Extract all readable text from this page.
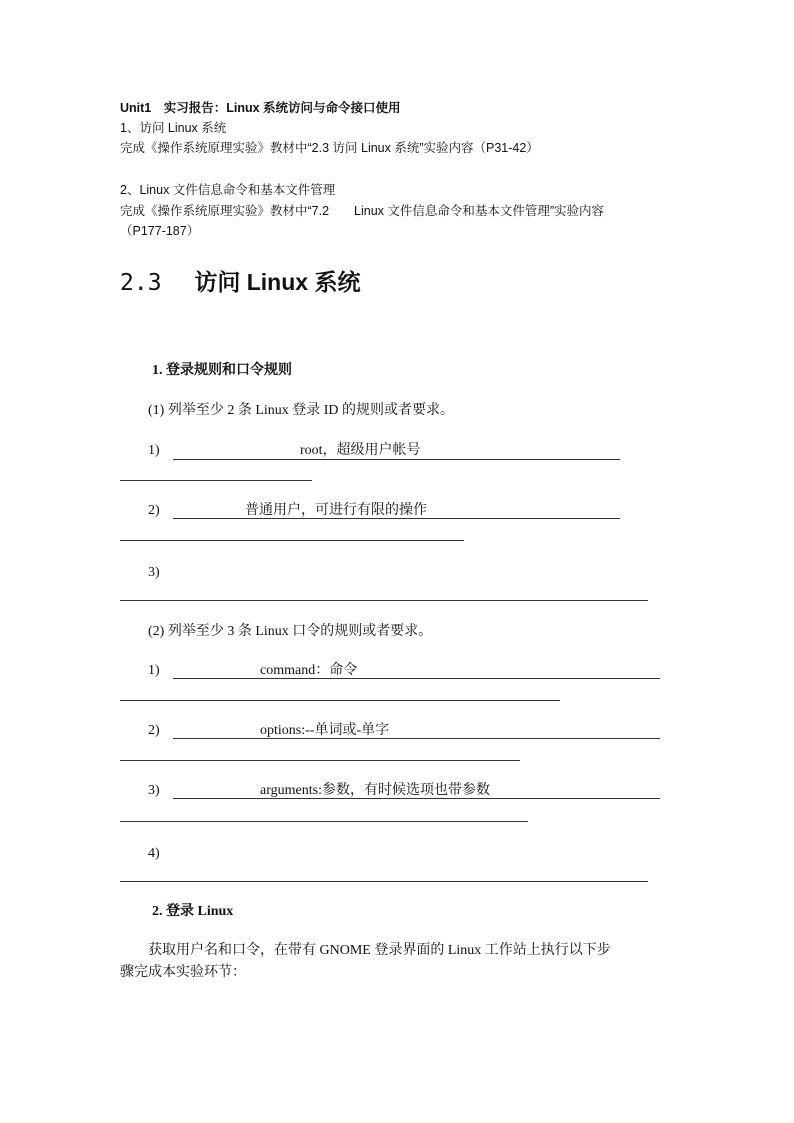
Unit1　实习报告：Linux 系统访问与命令接口使用
1、访问 Linux 系统
完成《操作系统原理实验》教材中“2.3 访问 Linux 系统”实验内容（P31-42）
2、Linux 文件信息命令和基本文件管理
完成《操作系统原理实验》教材中“7.2　　Linux 文件信息命令和基本文件管理”实验内容
（P177-187）
2.3 访问 Linux 系统
1. 登录规则和口令规则
(1) 列举至少 2 条 Linux 登录 ID 的规则或者要求。
1)	root，超级用户帐号
2)	普通用户，可进行有限的操作
3)
(2) 列举至少 3 条 Linux 口令的规则或者要求。
1)	command：命令
2)	options:--单词或-单字
3)	arguments:参数，有时候选项也带参数
4)
2. 登录 Linux
获取用户名和口令，在带有 GNOME 登录界面的 Linux 工作站上执行以下步
骤完成本实验环节：
